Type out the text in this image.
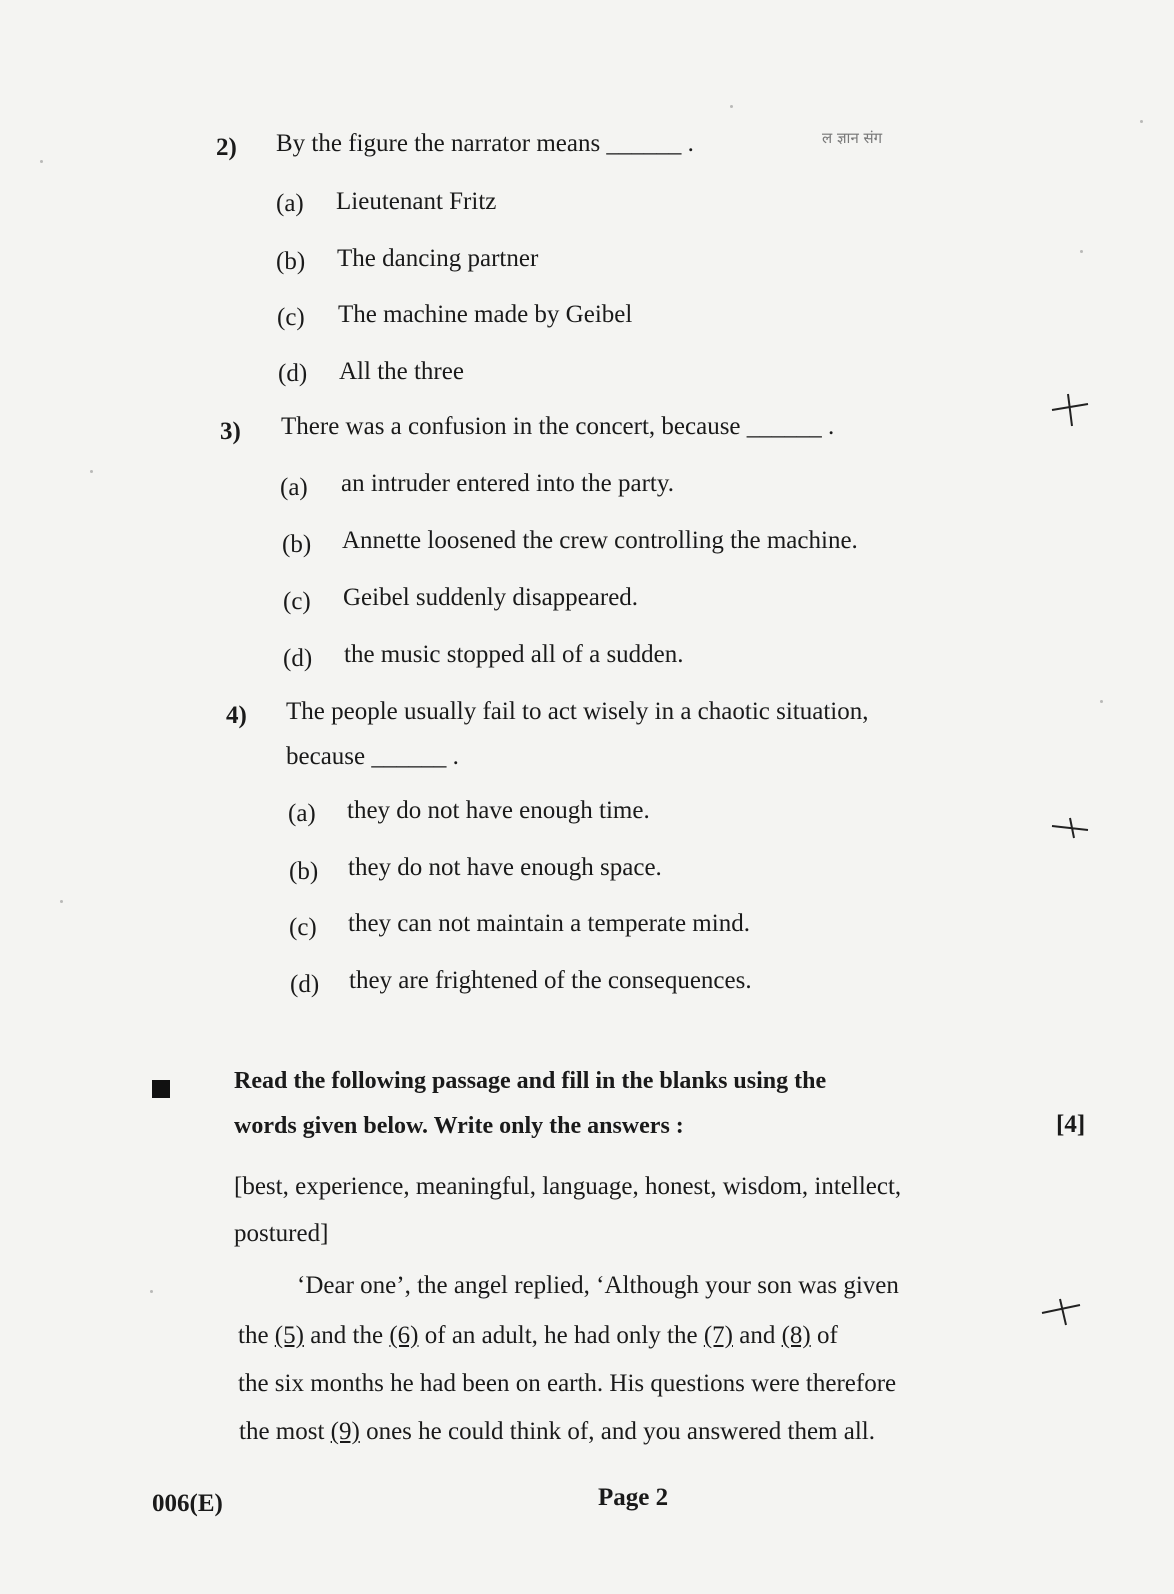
ल ज्ञान संग
2) By the figure the narrator means ______ .
(a) Lieutenant Fritz
(b) The dancing partner
(c) The machine made by Geibel
(d) All the three
3) There was a confusion in the concert, because ______ .
(a) an intruder entered into the party.
(b) Annette loosened the crew controlling the machine.
(c) Geibel suddenly disappeared.
(d) the music stopped all of a sudden.
4) The people usually fail to act wisely in a chaotic situation,
because ______ .
(a) they do not have enough time.
(b) they do not have enough space.
(c) they can not maintain a temperate mind.
(d) they are frightened of the consequences.
Read the following passage and fill in the blanks using the
words given below. Write only the answers :	[4]
[best, experience, meaningful, language, honest, wisdom, intellect,
postured]
‘Dear one’, the angel replied, ‘Although your son was given
the (5) and the (6) of an adult, he had only the (7) and (8) of
the six months he had been on earth. His questions were therefore
the most (9) ones he could think of, and you answered them all.
006(E)	Page 2
